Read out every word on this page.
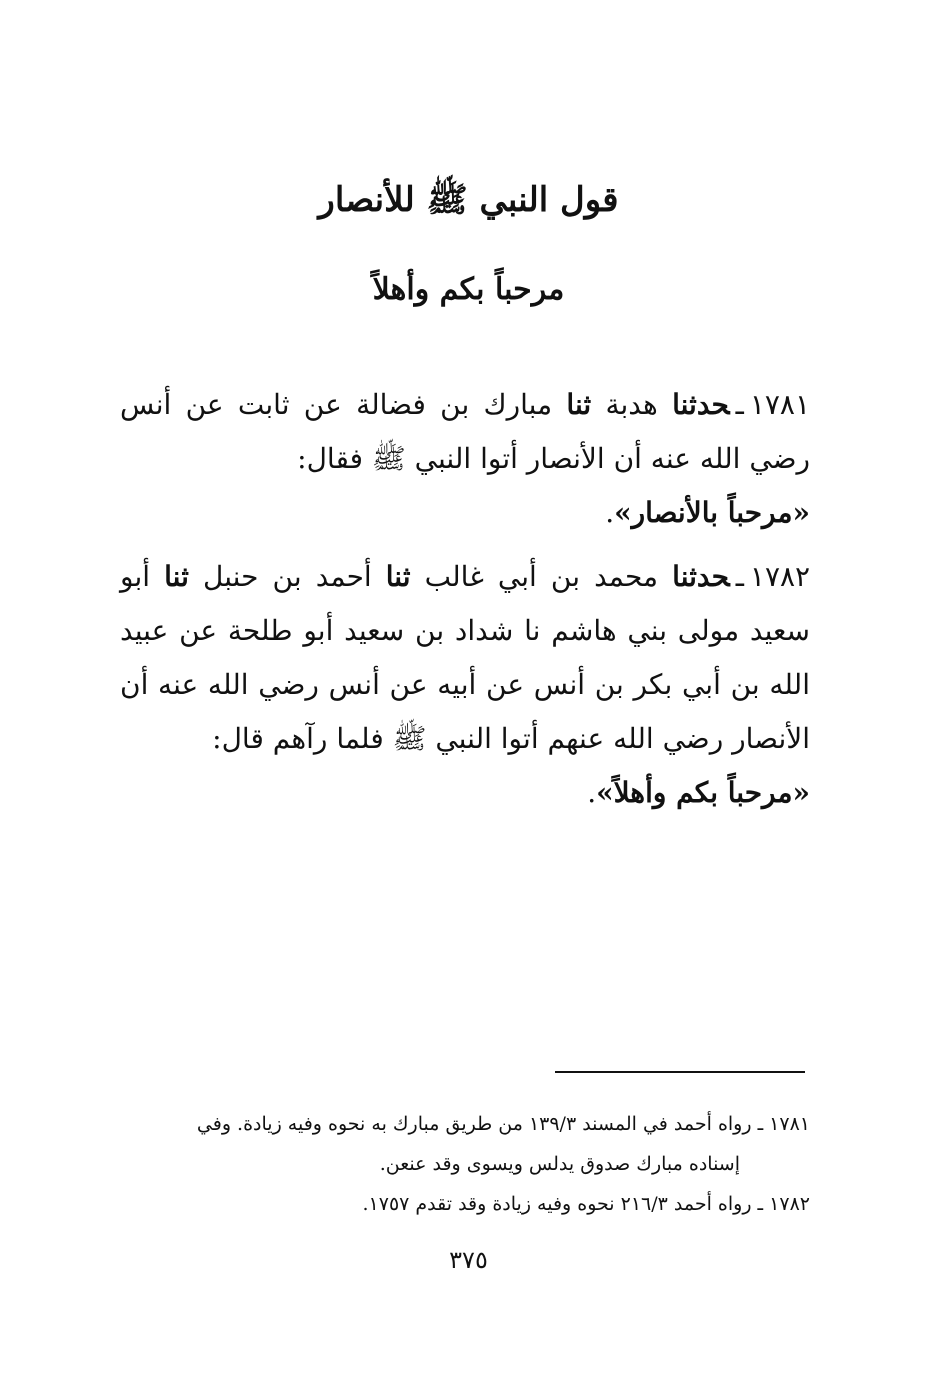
قول النبي ﷺ للأنصار
مرحباً بكم وأهلاً

١٧٨١ـحدثنا هدبة ثنا مبارك بن فضالة عن ثابت عن أنس رضي الله عنه أن الأنصار أتوا النبي ﷺ فقال:
«مرحباً بالأنصار».

١٧٨٢ـحدثنا محمد بن أبي غالب ثنا أحمد بن حنبل ثنا أبو سعيد مولى بني هاشم نا شداد بن سعيد أبو طلحة عن عبيد الله بن أبي بكر بن أنس عن أبيه عن أنس رضي الله عنه أن الأنصار رضي الله عنهم أتوا النبي ﷺ فلما رآهم قال:
«مرحباً بكم وأهلاً».

١٧٨١ ـ رواه أحمد في المسند ١٣٩/٣ من طريق مبارك به نحوه وفيه زيادة. وفي
إسناده مبارك صدوق يدلس ويسوى وقد عنعن.

١٧٨٢ ـ رواه أحمد ٢١٦/٣ نحوه وفيه زيادة وقد تقدم ١٧٥٧.

٣٧٥
